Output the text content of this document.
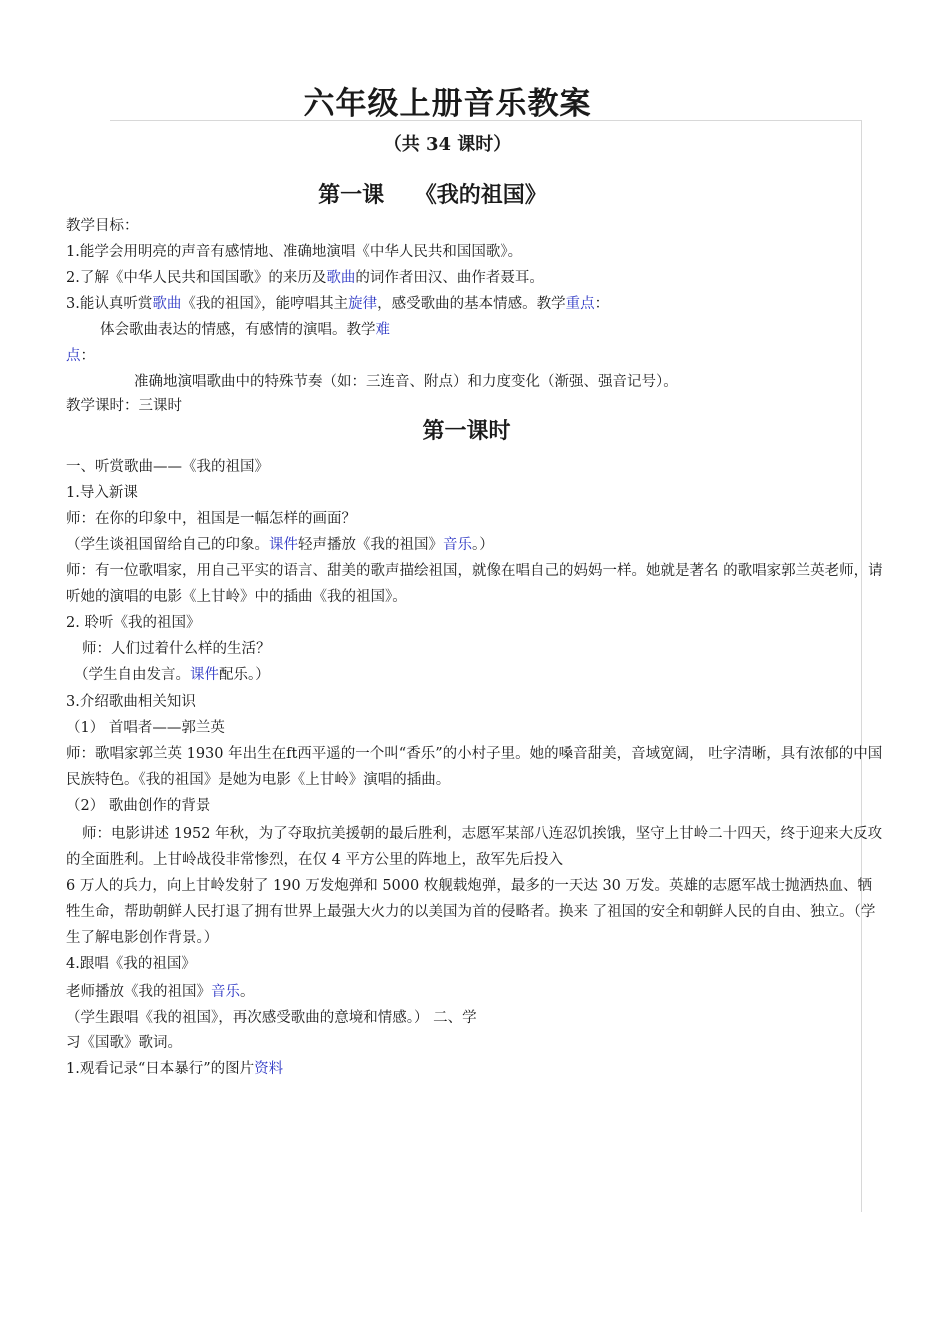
六年级上册音乐教案
（共 34 课时）
第一课    《我的祖国》
教学目标：
1.能学会用明亮的声音有感情地、准确地演唱《中华人民共和国国歌》。
2.了解《中华人民共和国国歌》的来历及歌曲的词作者田汉、曲作者聂耳。
3.能认真听赏歌曲《我的祖国》，能哼唱其主旋律，感受歌曲的基本情感。教学重点：
体会歌曲表达的情感，有感情的演唱。教学难
点：
准确地演唱歌曲中的特殊节奏（如：三连音、附点）和力度变化（渐强、强音记号）。
教学课时：三课时
第一课时
一、听赏歌曲——《我的祖国》
1.导入新课
师：在你的印象中，祖国是一幅怎样的画面？
（学生谈祖国留给自己的印象。课件轻声播放《我的祖国》音乐。）
师：有一位歌唱家，用自己平实的语言、甜美的歌声描绘祖国，就像在唱自己的妈妈一样。她就是著名 的歌唱家郭兰英老师，请听她的演唱的电影《上甘岭》中的插曲《我的祖国》。
2. 聆听《我的祖国》
师：人们过着什么样的生活？
（学生自由发言。课件配乐。）
3.介绍歌曲相关知识
（1） 首唱者——郭兰英
师：歌唱家郭兰英 1930 年出生在ft西平遥的一个叫“香乐”的小村子里。她的嗓音甜美，音域宽阔， 吐字清晰，具有浓郁的中国民族特色。《我的祖国》是她为电影《上甘岭》演唱的插曲。
（2） 歌曲创作的背景
师：电影讲述 1952 年秋，为了夺取抗美援朝的最后胜利，志愿军某部八连忍饥挨饿，坚守上甘岭二十四天，终于迎来大反攻的全面胜利。上甘岭战役非常惨烈，在仅 4 平方公里的阵地上，敌军先后投入
6 万人的兵力，向上甘岭发射了 190 万发炮弹和 5000 枚舰载炮弹，最多的一天达 30 万发。英雄的志愿军战士抛洒热血、牺牲生命，帮助朝鲜人民打退了拥有世界上最强大火力的以美国为首的侵略者。换来 了祖国的安全和朝鲜人民的自由、独立。（学生了解电影创作背景。）
4.跟唱《我的祖国》
老师播放《我的祖国》音乐。
（学生跟唱《我的祖国》，再次感受歌曲的意境和情感。） 二、学
习《国歌》歌词。
1.观看记录“日本暴行”的图片资料
